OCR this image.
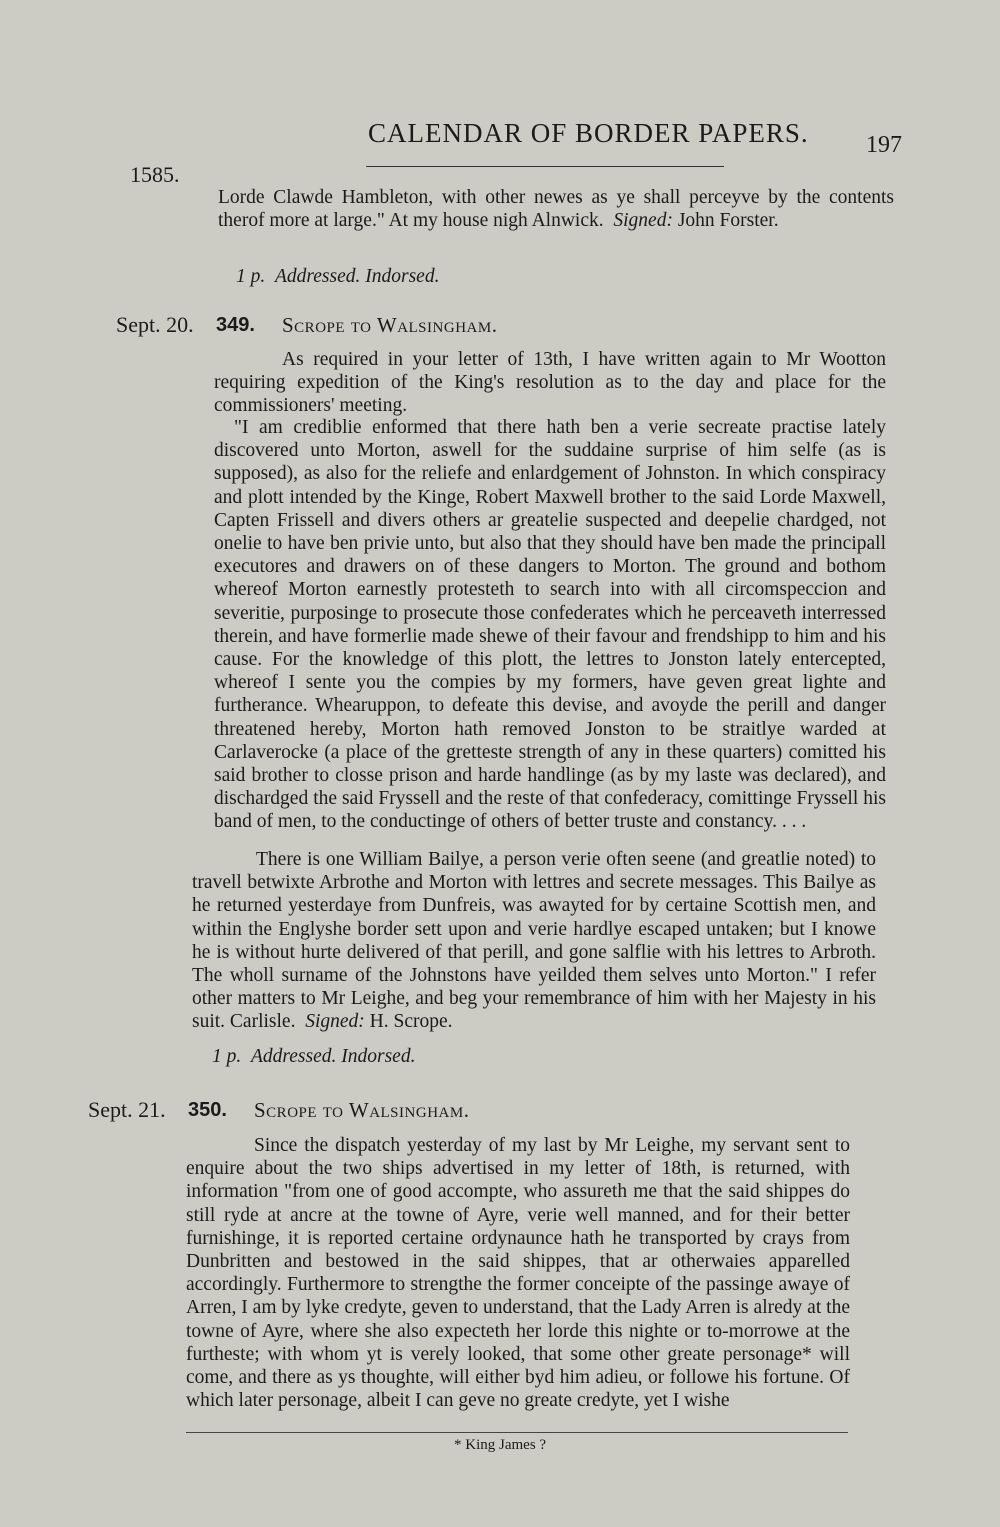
CALENDAR OF BORDER PAPERS. 197
1585.

Lorde Clawde Hambleton, with other newes as ye shall perceyve by the contents therof more at large." At my house nigh Alnwick. Signed: John Forster.

1 p. Addressed. Indorsed.
Sept. 20. 349. Scrope to Walsingham.

As required in your letter of 13th, I have written again to Mr Wootton requiring expedition of the King's resolution as to the day and place for the commissioners' meeting.

"I am crediblie enformed that there hath ben a verie secreate practise lately discovered unto Morton, aswell for the suddaine surprise of him selfe (as is supposed), as also for the reliefe and enlardgement of Johnston. In which conspiracy and plott intended by the Kinge, Robert Maxwell brother to the said Lorde Maxwell, Capten Frissell and divers others ar greatelie suspected and deepelie chardged, not onelie to have ben privie unto, but also that they should have ben made the principall executores and drawers on of these dangers to Morton. The ground and bothom whereof Morton earnestly protesteth to search into with all circomspeccion and severitie, purposinge to prosecute those confederates which he perceaveth interressed therein, and have formerlie made shewe of their favour and frendshipp to him and his cause. For the knowledge of this plott, the lettres to Jonston lately entercepted, whereof I sente you the compies by my formers, have geven great lighte and furtherance. Whearuppon, to defeate this devise, and avoyde the perill and danger threatened hereby, Morton hath removed Jonston to be straitlye warded at Carlaverocke (a place of the gretteste strength of any in these quarters) comitted his said brother to closse prison and harde handlinge (as by my laste was declared), and dischardged the said Fryssell and the reste of that confederacy, comittinge Fryssell his band of men, to the conductinge of others of better truste and constancy. . . .

There is one William Bailye, a person verie often seene (and greatlie noted) to travell betwixte Arbrothe and Morton with lettres and secrete messages. This Bailye as he returned yesterdaye from Dunfreis, was awayted for by certaine Scottish men, and within the Englyshe border sett upon and verie hardlye escaped untaken; but I knowe he is without hurte delivered of that perill, and gone salflie with his lettres to Arbroth. The wholl surname of the Johnstons have yeilded them selves unto Morton." I refer other matters to Mr Leighe, and beg your remembrance of him with her Majesty in his suit. Carlisle. Signed: H. Scrope.

1 p. Addressed. Indorsed.
Sept. 21. 350. Scrope to Walsingham.

Since the dispatch yesterday of my last by Mr Leighe, my servant sent to enquire about the two ships advertised in my letter of 18th, is returned, with information "from one of good accompte, who assureth me that the said shippes do still ryde at ancre at the towne of Ayre, verie well manned, and for their better furnishinge, it is reported certaine ordynaunce hath he transported by crays from Dunbritten and bestowed in the said shippes, that ar otherwaies apparelled accordingly. Furthermore to strengthe the former conceipte of the passinge awaye of Arren, I am by lyke credyte, geven to understand, that the Lady Arren is alredy at the towne of Ayre, where she also expecteth her lorde this nighte or to-morrowe at the furtheste; with whom yt is verely looked, that some other greate personage* will come, and there as ys thoughte, will either byd him adieu, or followe his fortune. Of which later personage, albeit I can geve no greate credyte, yet I wishe

* King James ?
